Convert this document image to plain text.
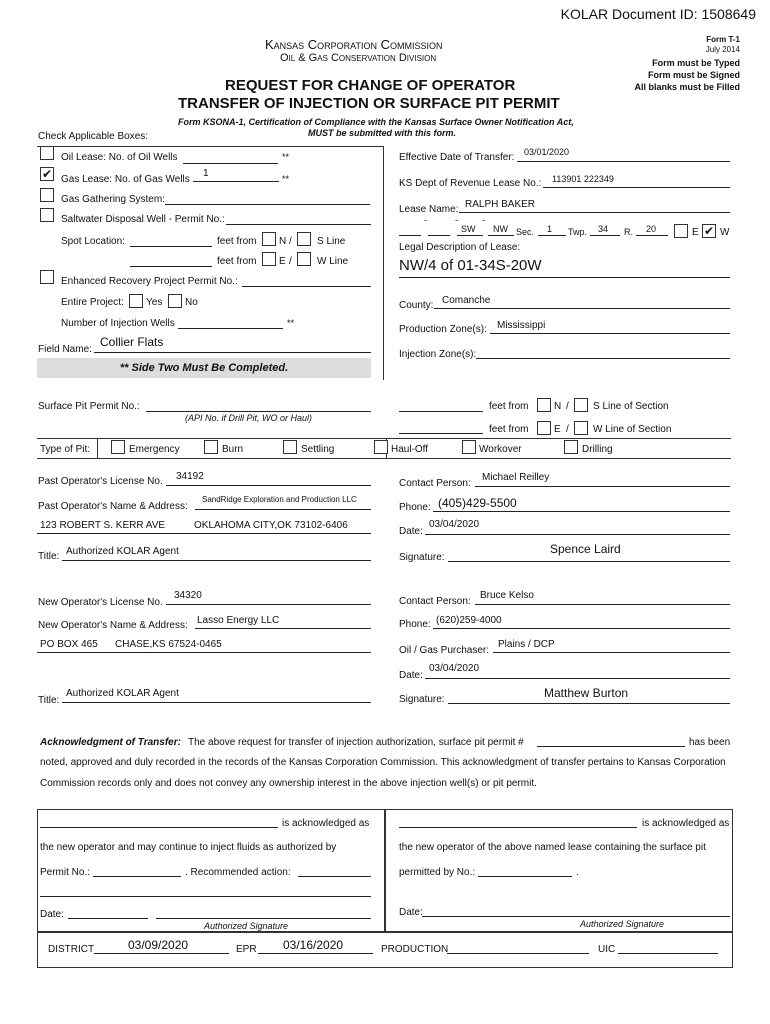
KOLAR Document ID: 1508649
Kansas Corporation Commission
Oil & Gas Conservation Division
REQUEST FOR CHANGE OF OPERATOR
TRANSFER OF INJECTION OR SURFACE PIT PERMIT
Form T-1
July 2014
Form must be Typed
Form must be Signed
All blanks must be Filled
Form KSONA-1, Certification of Compliance with the Kansas Surface Owner Notification Act,
MUST be submitted with this form.
Check Applicable Boxes:
Oil Lease: No. of Oil Wells	**
✔ Gas Lease: No. of Gas Wells
1	**
Gas Gathering System:
Saltwater Disposal Well - Permit No.:
Spot Location:	feet from N /	S Line
feet from E /	W Line
Enhanced Recovery Project Permit No.:
Entire Project: Yes No
Number of Injection Wells	**
Field Name:
Collier Flats
** Side Two Must Be Completed.
Effective Date of Transfer: 03/01/2020
KS Dept of Revenue Lease No.: 113901 222349
Lease Name: RALPH BAKER
-	-	-
SW NW Sec. 1 Twp. 34 R. 20	E ✔ W
Legal Description of Lease:
NW/4 of 01-34S-20W
County: Comanche
Production Zone(s): Mississippi
Injection Zone(s):
Surface Pit Permit No.:
(API No. if Drill Pit, WO or Haul)
feet from	N / S Line of Section
feet from	E / W Line of Section
Type of Pit:	Emergency	Burn	Settling	Haul-Off	Workover	Drilling
Past Operator's License No. 34192
Past Operator's Name & Address:
SandRidge Exploration and Production LLC
123 ROBERT S. KERR AVE	OKLAHOMA CITY,OK 73102-6406
Title: Authorized KOLAR Agent
Contact Person:
Michael Reilley
Phone: (405)429-5500
Date:
03/04/2020
Signature:
Spence Laird
New Operator's License No.
34320
New Operator's Name & Address: Lasso Energy LLC
PO BOX 465 CHASE,KS 67524-0465
Title:
Authorized KOLAR Agent
Contact Person:
Bruce Kelso
Phone: (620)259-4000
Oil / Gas Purchaser:
Plains / DCP
Date:
03/04/2020
Signature:	Matthew Burton
Acknowledgment of Transfer: The above request for transfer of injection authorization, surface pit permit #	has been
noted, approved and duly recorded in the records of the Kansas Corporation Commission. This acknowledgment of transfer pertains to Kansas Corporation
Commission records only and does not convey any ownership interest in the above injection well(s) or pit permit.
is acknowledged as
the new operator and may continue to inject fluids as authorized by
Permit No.:	. Recommended action:
Date:
Authorized Signature
is acknowledged as
the new operator of the above named lease containing the surface pit
permitted by No.:	.
Date:
Authorized Signature
DISTRICT	03/09/2020	EPR 03/16/2020	PRODUCTION	UIC
